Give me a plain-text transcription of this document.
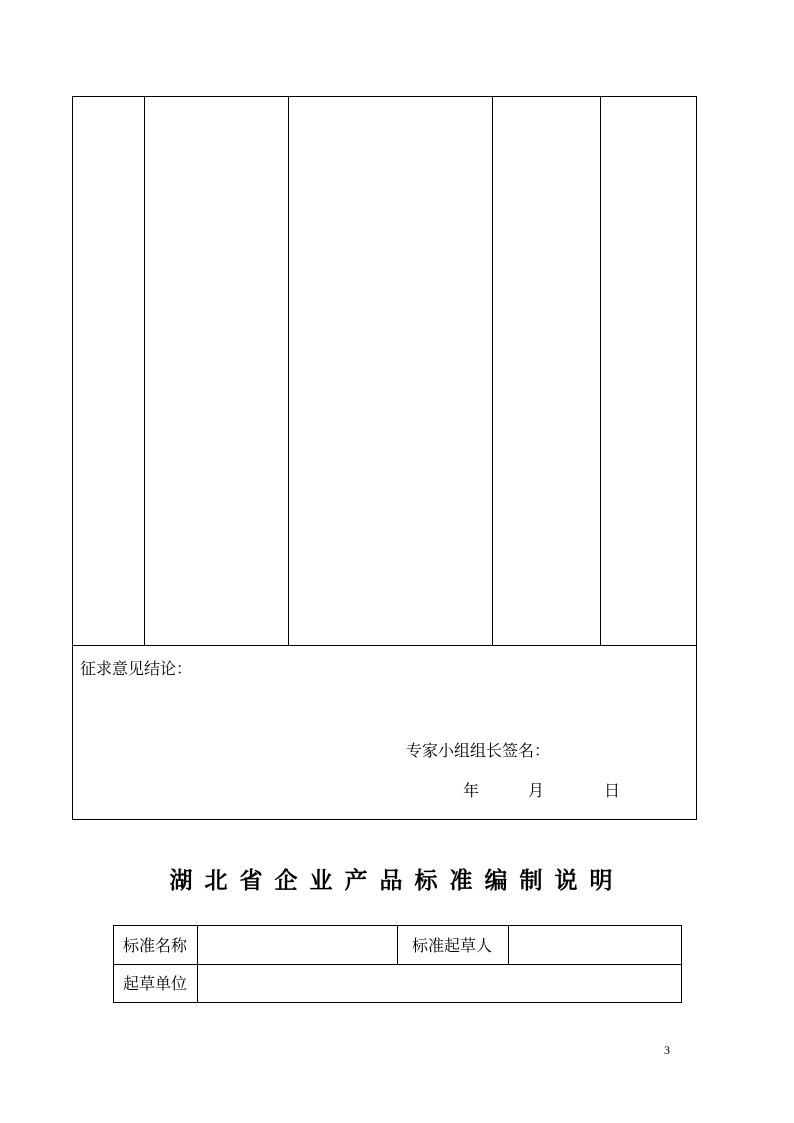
征求意见结论：
专家小组组长签名：
年	月	日
湖北省企业产品标准编制说明
标准名称	标准起草人
起草单位
3
